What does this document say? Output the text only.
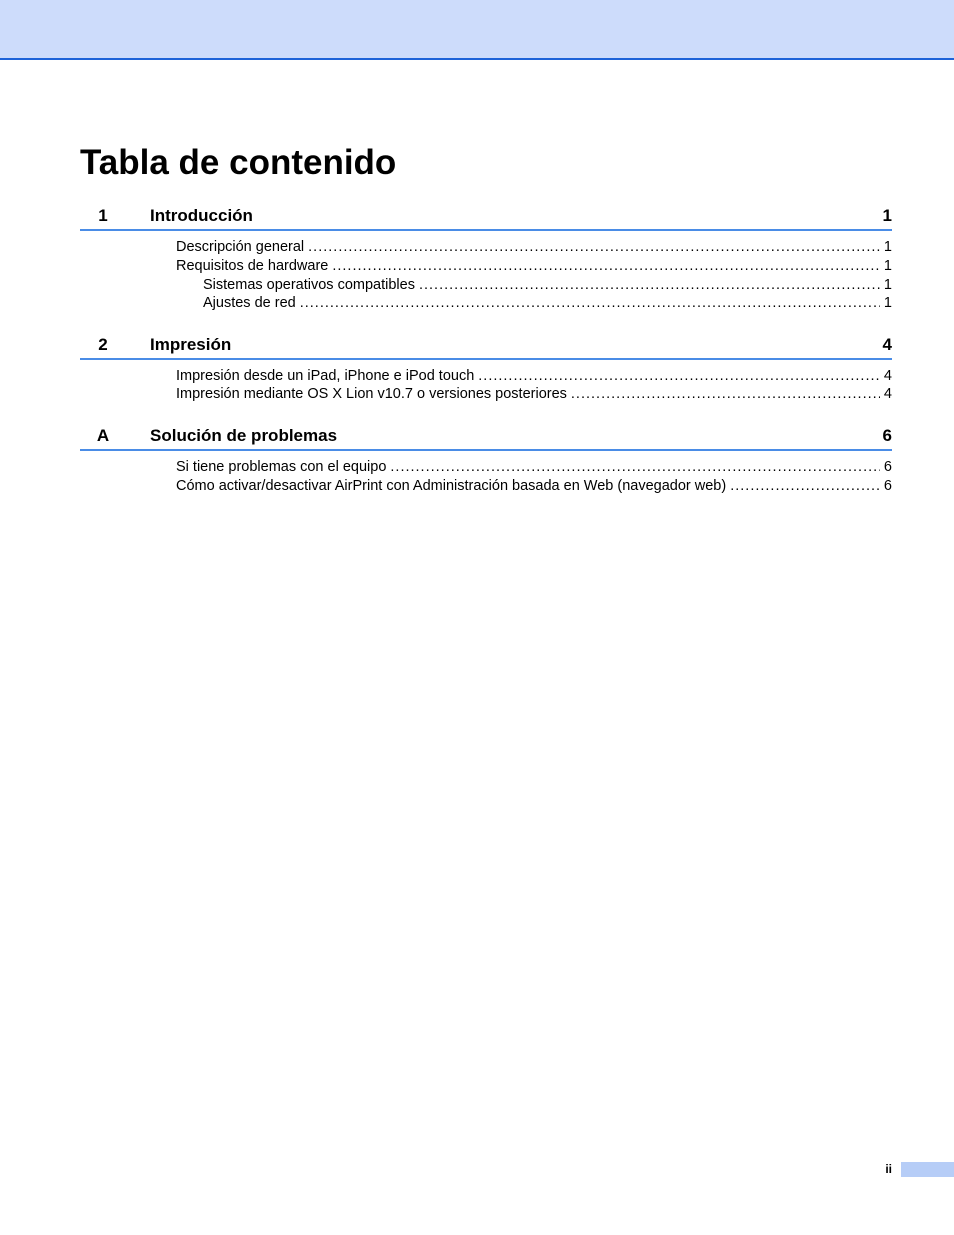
Tabla de contenido
1	Introducción	1
Descripción general .....	1
Requisitos de hardware .....	1
Sistemas operativos compatibles .....	1
Ajustes de red .....	1
2	Impresión	4
Impresión desde un iPad, iPhone e iPod touch .....	4
Impresión mediante OS X Lion v10.7 o versiones posteriores .....	4
A	Solución de problemas	6
Si tiene problemas con el equipo .....	6
Cómo activar/desactivar AirPrint con Administración basada en Web (navegador web) .....	6
ii
